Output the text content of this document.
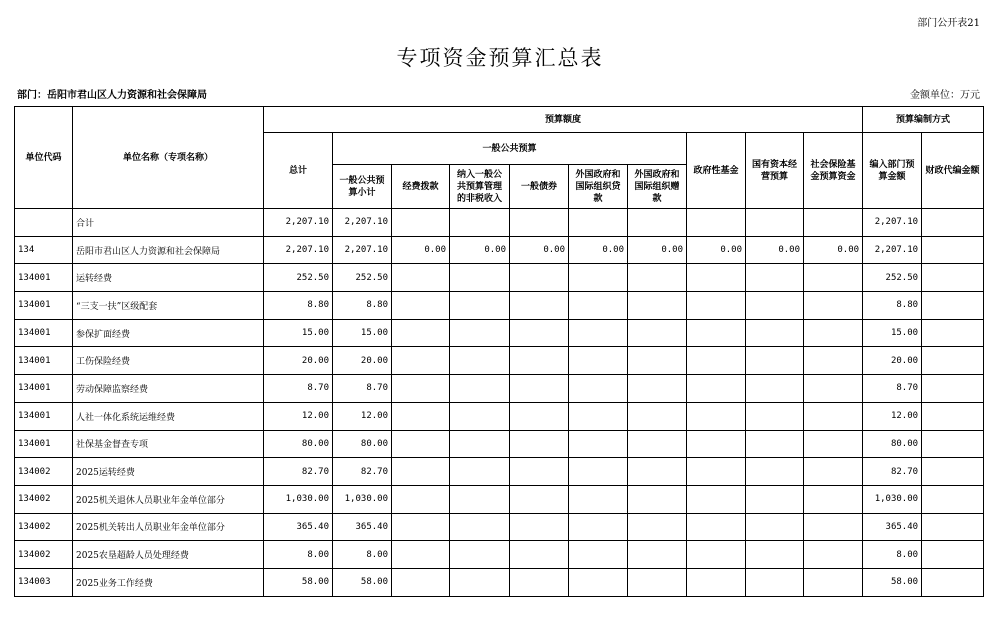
部门公开表21
专项资金预算汇总表
部门：岳阳市君山区人力资源和社会保障局	金额单位：万元
单位代码	单位名称（专项名称）	预算额度										预算编制方式	
		总计	一般公共预算						政府性基金	国有资本经营预算	社会保险基金预算资金	编入部门预算金额	财政代编金额
			一般公共预算小计	经费拨款	纳入一般公共预算管理的非税收入	一般债券	外国政府和国际组织贷款	外国政府和国际组织赠款					
	合计	2,207.10	2,207.10									2,207.10	
134	岳阳市君山区人力资源和社会保障局	2,207.10	2,207.10	0.00	0.00	0.00	0.00	0.00	0.00	0.00	0.00	2,207.10	
134001	运转经费	252.50	252.50									252.50	
134001	“三支一扶”区级配套	8.80	8.80									8.80	
134001	参保扩面经费	15.00	15.00									15.00	
134001	工伤保险经费	20.00	20.00									20.00	
134001	劳动保障监察经费	8.70	8.70									8.70	
134001	人社一体化系统运维经费	12.00	12.00									12.00	
134001	社保基金督查专项	80.00	80.00									80.00	
134002	2025运转经费	82.70	82.70									82.70	
134002	2025机关退休人员职业年金单位部分	1,030.00	1,030.00									1,030.00	
134002	2025机关转出人员职业年金单位部分	365.40	365.40									365.40	
134002	2025农垦超龄人员处理经费	8.00	8.00									8.00	
134003	2025业务工作经费	58.00	58.00									58.00	
